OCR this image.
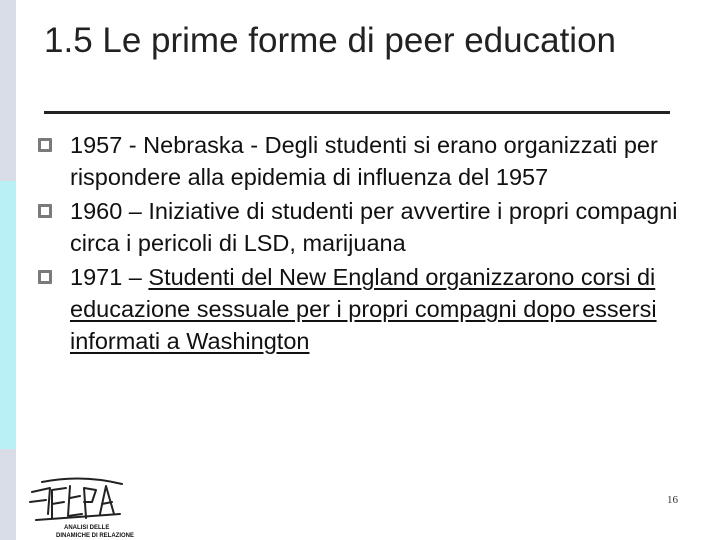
1.5 Le prime forme di peer education
1957 - Nebraska - Degli studenti si erano organizzati per rispondere alla epidemia di influenza del 1957
1960 – Iniziative di studenti per avvertire i propri compagni circa i pericoli di LSD, marijuana
1971 – Studenti del New England organizzarono corsi di educazione sessuale per i propri compagni dopo essersi informati a Washington
ANALISI DELLE
DINAMICHE DI RELAZIONE
16
